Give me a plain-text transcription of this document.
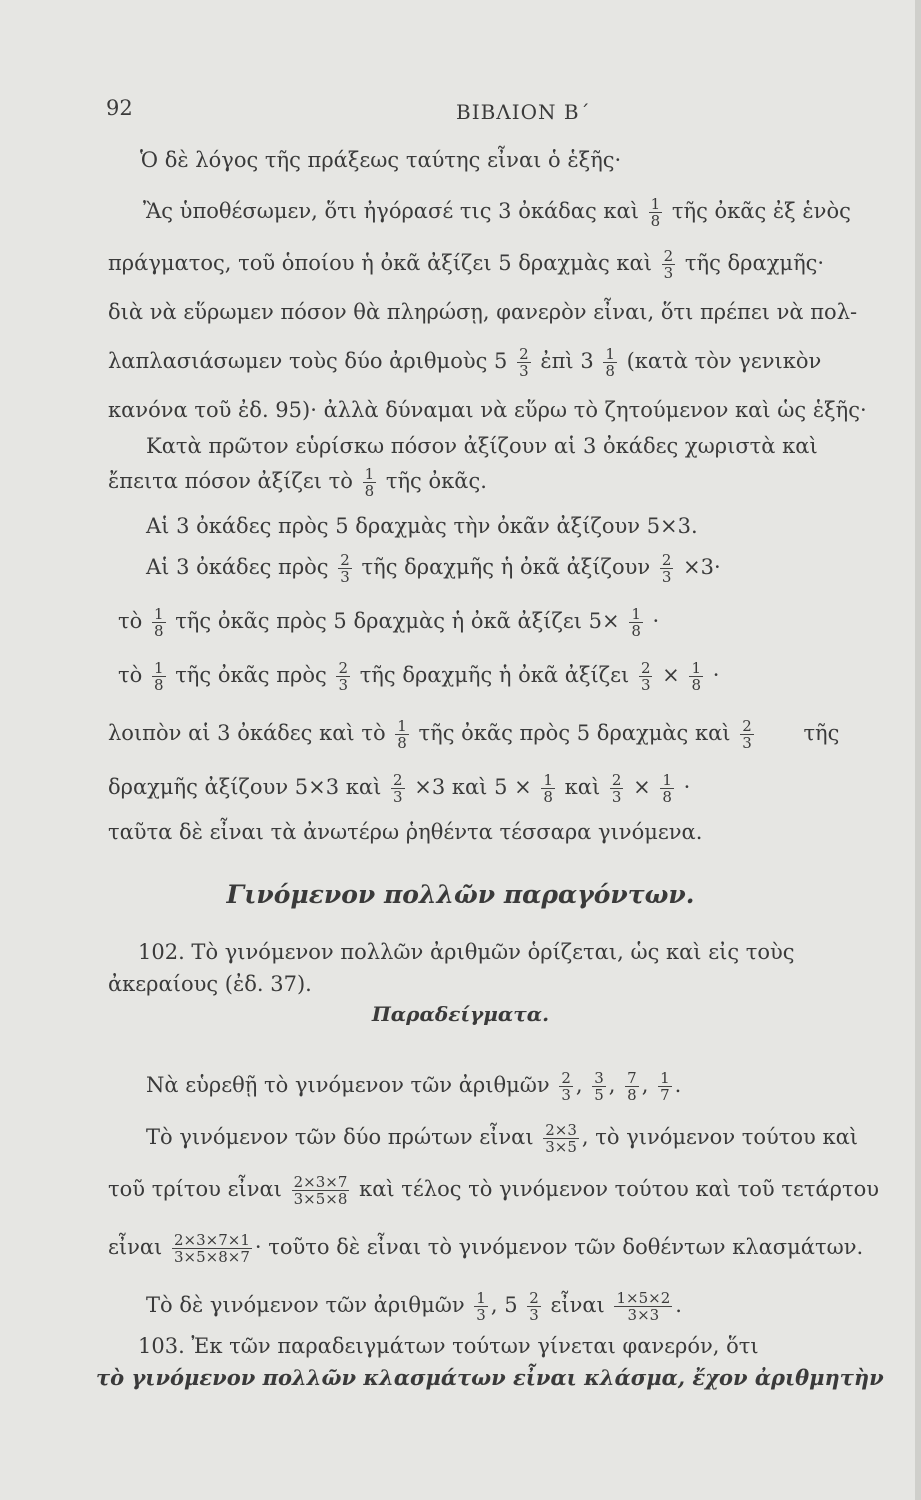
92	ΒΙΒΛΙΟΝ Β΄
Ὁ δὲ λόγος τῆς πράξεως ταύτης εἶναι ὁ ἑξῆς·
Ἂς ὑποθέσωμεν, ὅτι ἠγόρασέ τις 3 ὀκάδας καὶ $\frac{1}{8}$ τῆς ὀκᾶς ἐξ ἑνὸς
πράγματος, τοῦ ὁποίου ἡ ὀκᾶ ἀξίζει 5 δραχμὰς καὶ $\frac{2}{3}$ τῆς δραχμῆς·
διὰ νὰ εὕρωμεν πόσον θὰ πληρώσῃ, φανερὸν εἶναι, ὅτι πρέπει νὰ πολ-
λαπλασιάσωμεν τοὺς δύο ἀριθμοὺς $5 \frac{2}{3}$ ἐπὶ $3 \frac{1}{8}$ (κατὰ τὸν γενικὸν
κανόνα τοῦ ἐδ. 95)· ἀλλὰ δύναμαι νὰ εὕρω τὸ ζητούμενον καὶ ὡς ἑξῆς·
Κατὰ πρῶτον εὑρίσκω πόσον ἀξίζουν αἱ 3 ὀκάδες χωριστὰ καὶ
ἔπειτα πόσον ἀξίζει τὸ $\frac{1}{8}$ τῆς ὀκᾶς.
Αἱ 3 ὀκάδες πρὸς 5 δραχμὰς τὴν ὀκᾶν ἀξίζουν 5×3.
Αἱ 3 ὀκάδες πρὸς $\frac{2}{3}$ τῆς δραχμῆς ἡ ὀκᾶ ἀξίζουν $\frac{2}{3} \times 3\cdot$
τὸ $\frac{1}{8}$ τῆς ὀκᾶς πρὸς 5 δραχμὰς ἡ ὀκᾶ ἀξίζει $5\times \frac{1}{8}$ ·
τὸ $\frac{1}{8}$ τῆς ὀκᾶς πρὸς $\frac{2}{3}$ τῆς δραχμῆς ἡ ὀκᾶ ἀξίζει $\frac{2}{3} \times \frac{1}{8}$ ·
λοιπὸν αἱ 3 ὀκάδες καὶ τὸ $\frac{1}{8}$ τῆς ὀκᾶς πρὸς 5 δραχμὰς καὶ $\frac{2}{3}$ τῆς
δραχμῆς ἀξίζουν 5×3 καὶ $\frac{2}{3} \times 3$ καὶ $5 \times \frac{1}{8}$ καὶ $\frac{2}{3} \times \frac{1}{8}$ ·
ταῦτα δὲ εἶναι τὰ ἀνωτέρω ῥηθέντα τέσσαρα γινόμενα.
Γινόμενον πολλῶν παραγόντων.
102. Τὸ γινόμενον πολλῶν ἀριθμῶν ὁρίζεται, ὡς καὶ εἰς τοὺς
ἀκεραίους (ἐδ. 37).
Παραδείγματα.
Νὰ εὑρεθῇ τὸ γινόμενον τῶν ἀριθμῶν $\frac{2}{3}$ , $\frac{3}{5}$ , $\frac{7}{8}$ , $\frac{1}{7}$ .
Τὸ γινόμενον τῶν δύο πρώτων εἶναι $\frac{2\times 3}{3\times 5}$ , τὸ γινόμενον τούτου καὶ
τοῦ τρίτου εἶναι $\frac{2\times 3\times 7}{3\times 5\times 8}$ καὶ τέλος τὸ γινόμενον τούτου καὶ τοῦ τετάρτου
εἶναι $\frac{2\times 3\times 7\times 1}{3\times 5\times 8\times 7}$ · τοῦτο δὲ εἶναι τὸ γινόμενον τῶν δοθέντων κλασμάτων.
Τὸ δὲ γινόμενον τῶν ἀριθμῶν $\frac{1}{3}$ , $5 \frac{2}{3}$ εἶναι $\frac{1\times 5\times 2}{3\times 3}$ .
103. Ἐκ τῶν παραδειγμάτων τούτων γίνεται φανερόν, ὅτι
τὸ γινόμενον πολλῶν κλασμάτων εἶναι κλάσμα, ἔχον ἀριθμητὴν
